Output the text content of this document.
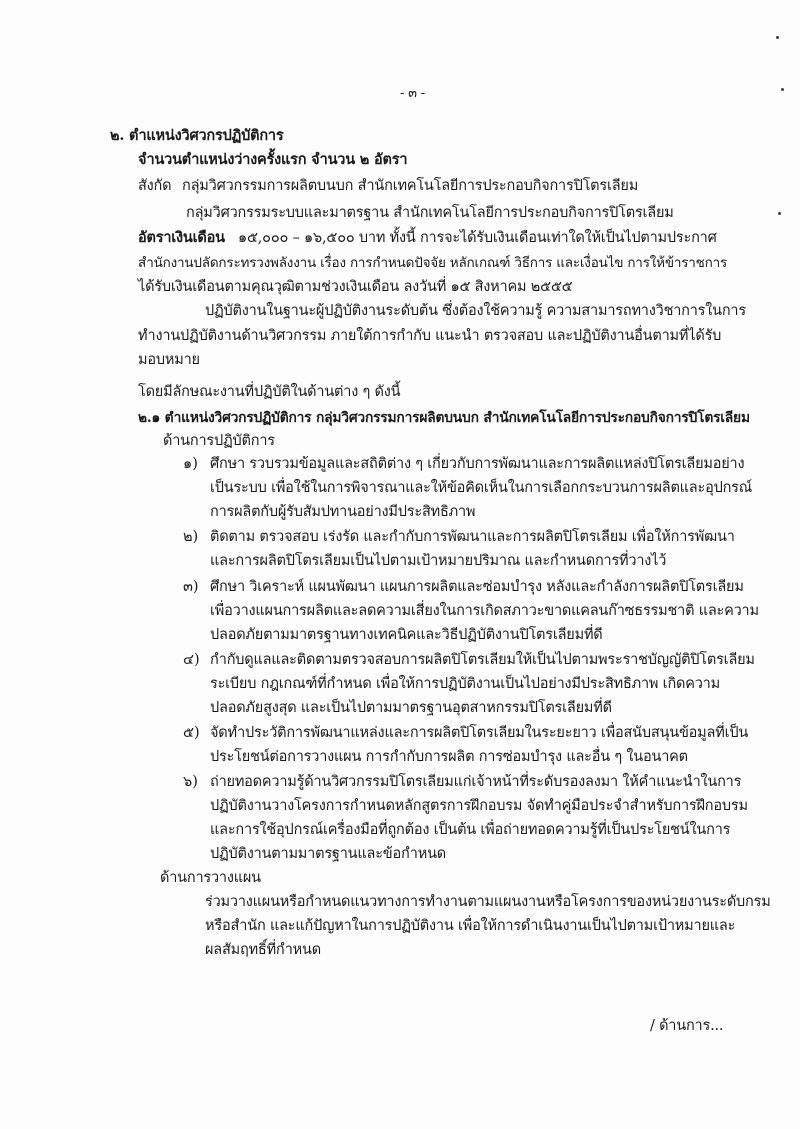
- ๓ -
๒. ตำแหน่งวิศวกรปฏิบัติการ
จำนวนตำแหน่งว่างครั้งแรก จำนวน ๒ อัตรา
สังกัด กลุ่มวิศวกรรมการผลิตบนบก สำนักเทคโนโลยีการประกอบกิจการปิโตรเลียม
กลุ่มวิศวกรรมระบบและมาตรฐาน สำนักเทคโนโลยีการประกอบกิจการปิโตรเลียม
อัตราเงินเดือน ๑๕,๐๐๐ – ๑๖,๕๐๐ บาท ทั้งนี้ การจะได้รับเงินเดือนเท่าใดให้เป็นไปตามประกาศ
สำนักงานปลัดกระทรวงพลังงาน เรื่อง การกำหนดปัจจัย หลักเกณฑ์ วิธีการ และเงื่อนไข การให้ข้าราชการ
ได้รับเงินเดือนตามคุณวุฒิตามช่วงเงินเดือน ลงวันที่ ๑๕ สิงหาคม ๒๕๕๕
ปฏิบัติงานในฐานะผู้ปฏิบัติงานระดับต้น ซึ่งต้องใช้ความรู้ ความสามารถทางวิชาการในการ
ทำงานปฏิบัติงานด้านวิศวกรรม ภายใต้การกำกับ แนะนำ ตรวจสอบ และปฏิบัติงานอื่นตามที่ได้รับ
มอบหมาย
โดยมีลักษณะงานที่ปฏิบัติในด้านต่าง ๆ ดังนี้
๒.๑ ตำแหน่งวิศวกรปฏิบัติการ กลุ่มวิศวกรรมการผลิตบนบก สำนักเทคโนโลยีการประกอบกิจการปิโตรเลียม
ด้านการปฏิบัติการ
๑) ศึกษา รวบรวมข้อมูลและสถิติต่าง ๆ เกี่ยวกับการพัฒนาและการผลิตแหล่งปิโตรเลียมอย่าง
เป็นระบบ เพื่อใช้ในการพิจารณาและให้ข้อคิดเห็นในการเลือกกระบวนการผลิตและอุปกรณ์
การผลิตกับผู้รับสัมปทานอย่างมีประสิทธิภาพ
๒) ติดตาม ตรวจสอบ เร่งรัด และกำกับการพัฒนาและการผลิตปิโตรเลียม เพื่อให้การพัฒนา
และการผลิตปิโตรเลียมเป็นไปตามเป้าหมายปริมาณ และกำหนดการที่วางไว้
๓) ศึกษา วิเคราะห์ แผนพัฒนา แผนการผลิตและซ่อมบำรุง หลังและกำลังการผลิตปิโตรเลียม
เพื่อวางแผนการผลิตและลดความเสี่ยงในการเกิดสภาวะขาดแคลนก๊าซธรรมชาติ และความ
ปลอดภัยตามมาตรฐานทางเทคนิคและวิธีปฏิบัติงานปิโตรเลียมที่ดี
๔) กำกับดูแลและติดตามตรวจสอบการผลิตปิโตรเลียมให้เป็นไปตามพระราชบัญญัติปิโตรเลียม
ระเบียบ กฎเกณฑ์ที่กำหนด เพื่อให้การปฏิบัติงานเป็นไปอย่างมีประสิทธิภาพ เกิดความ
ปลอดภัยสูงสุด และเป็นไปตามมาตรฐานอุตสาหกรรมปิโตรเลียมที่ดี
๕) จัดทำประวัติการพัฒนาแหล่งและการผลิตปิโตรเลียมในระยะยาว เพื่อสนับสนุนข้อมูลที่เป็น
ประโยชน์ต่อการวางแผน การกำกับการผลิต การซ่อมบำรุง และอื่น ๆ ในอนาคต
๖) ถ่ายทอดความรู้ด้านวิศวกรรมปิโตรเลียมแก่เจ้าหน้าที่ระดับรองลงมา ให้คำแนะนำในการ
ปฏิบัติงานวางโครงการกำหนดหลักสูตรการฝึกอบรม จัดทำคู่มือประจำสำหรับการฝึกอบรม
และการใช้อุปกรณ์เครื่องมือที่ถูกต้อง เป็นต้น เพื่อถ่ายทอดความรู้ที่เป็นประโยชน์ในการ
ปฏิบัติงานตามมาตรฐานและข้อกำหนด
ด้านการวางแผน
ร่วมวางแผนหรือกำหนดแนวทางการทำงานตามแผนงานหรือโครงการของหน่วยงานระดับกรม
หรือสำนัก และแก้ปัญหาในการปฏิบัติงาน เพื่อให้การดำเนินงานเป็นไปตามเป้าหมายและ
ผลสัมฤทธิ์ที่กำหนด
/ ด้านการ...
